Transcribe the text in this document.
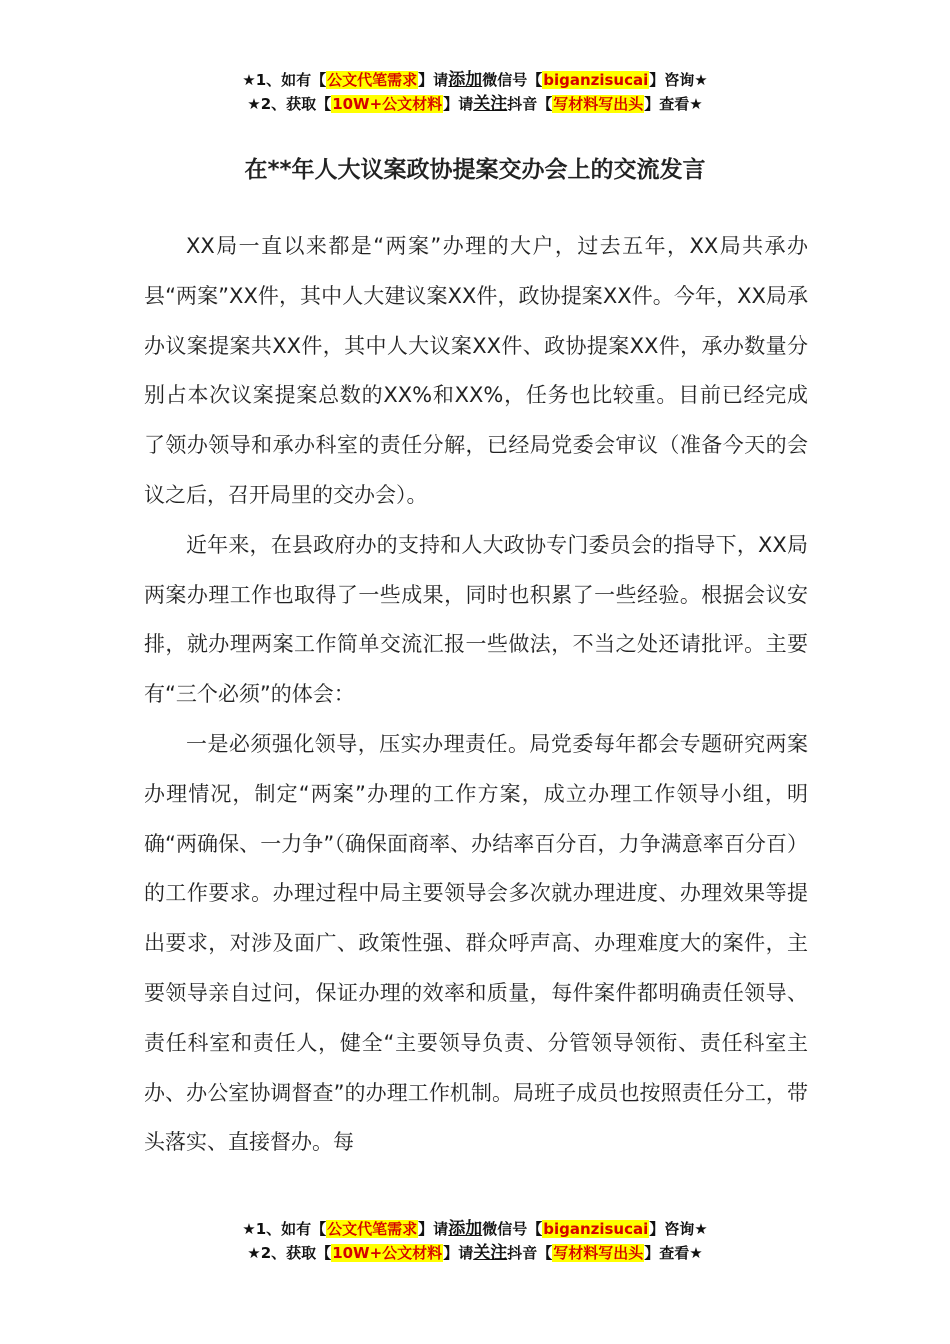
★1、如有【公文代笔需求】请添加微信号【biganzisucai】咨询★
★2、获取【10W+公文材料】请关注抖音【写材料写出头】查看★
在**年人大议案政协提案交办会上的交流发言

XX局一直以来都是“两案”办理的大户，过去五年，XX局共承办县“两案”XX件，其中人大建议案XX件，政协提案XX件。今年，XX局承办议案提案共XX件，其中人大议案XX件、政协提案XX件，承办数量分别占本次议案提案总数的XX%和XX%，任务也比较重。目前已经完成了领办领导和承办科室的责任分解，已经局党委会审议（准备今天的会议之后，召开局里的交办会）。

近年来，在县政府办的支持和人大政协专门委员会的指导下，XX局两案办理工作也取得了一些成果，同时也积累了一些经验。根据会议安排，就办理两案工作简单交流汇报一些做法，不当之处还请批评。主要有“三个必须”的体会：

一是必须强化领导，压实办理责任。局党委每年都会专题研究两案办理情况，制定“两案”办理的工作方案，成立办理工作领导小组，明确“两确保、一力争”（确保面商率、办结率百分百，力争满意率百分百）的工作要求。办理过程中局主要领导会多次就办理进度、办理效果等提出要求，对涉及面广、政策性强、群众呼声高、办理难度大的案件，主要领导亲自过问，保证办理的效率和质量，每件案件都明确责任领导、责任科室和责任人，健全“主要领导负责、分管领导领衔、责任科室主办、办公室协调督查”的办理工作机制。局班子成员也按照责任分工，带头落实、直接督办。每

★1、如有【公文代笔需求】请添加微信号【biganzisucai】咨询★
★2、获取【10W+公文材料】请关注抖音【写材料写出头】查看★
